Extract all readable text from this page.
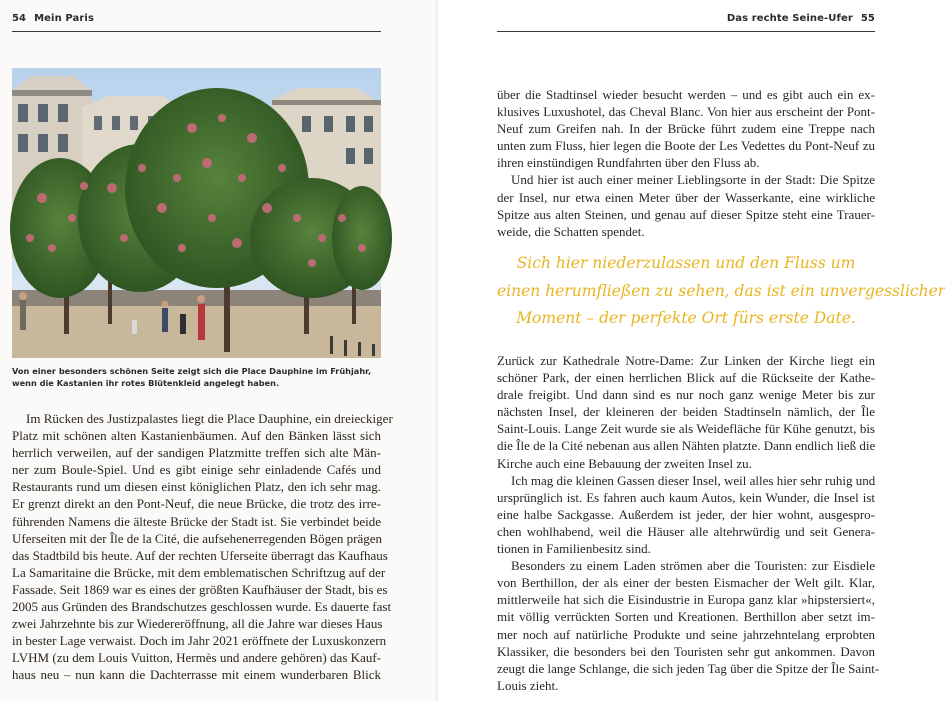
54 Mein Paris

Von einer besonders schönen Seite zeigt sich die Place Dauphine im Frühjahr,
wenn die Kastanien ihr rotes Blütenkleid angelegt haben.

Im Rücken des Justizpalastes liegt die Place Dauphine, ein dreieckiger
Platz mit schönen alten Kastanienbäumen. Auf den Bänken lässt sich
herrlich verweilen, auf der sandigen Platzmitte treffen sich alte Män-
ner zum Boule-Spiel. Und es gibt einige sehr einladende Cafés und
Restaurants rund um diesen einst königlichen Platz, den ich sehr mag.
Er grenzt direkt an den Pont-Neuf, die neue Brücke, die trotz des irre-
führenden Namens die älteste Brücke der Stadt ist. Sie verbindet beide
Uferseiten mit der Île de la Cité, die aufsehenerregenden Bögen prägen
das Stadtbild bis heute. Auf der rechten Uferseite überragt das Kaufhaus
La Samaritaine die Brücke, mit dem emblematischen Schriftzug auf der
Fassade. Seit 1869 war es eines der größten Kaufhäuser der Stadt, bis es
2005 aus Gründen des Brandschutzes geschlossen wurde. Es dauerte fast
zwei Jahrzehnte bis zur Wiedereröffnung, all die Jahre war dieses Haus
in bester Lage verwaist. Doch im Jahr 2021 eröffnete der Luxuskonzern
LVHM (zu dem Louis Vuitton, Hermès und andere gehören) das Kauf-
haus neu – nun kann die Dachterrasse mit einem wunderbaren Blick

Das rechte Seine-Ufer 55

über die Stadtinsel wieder besucht werden – und es gibt auch ein ex-
klusives Luxushotel, das Cheval Blanc. Von hier aus erscheint der Pont-
Neuf zum Greifen nah. In der Brücke führt zudem eine Treppe nach
unten zum Fluss, hier legen die Boote der Les Vedettes du Pont-Neuf zu
ihren einstündigen Rundfahrten über den Fluss ab.
Und hier ist auch einer meiner Lieblingsorte in der Stadt: Die Spitze
der Insel, nur etwa einen Meter über der Wasserkante, eine wirkliche
Spitze aus alten Steinen, und genau auf dieser Spitze steht eine Trauer-
weide, die Schatten spendet.

Sich hier niederzulassen und den Fluss um
einen herumfließen zu sehen, das ist ein unvergesslicher
Moment – der perfekte Ort fürs erste Date.

Zurück zur Kathedrale Notre-Dame: Zur Linken der Kirche liegt ein
schöner Park, der einen herrlichen Blick auf die Rückseite der Kathe-
drale freigibt. Und dann sind es nur noch ganz wenige Meter bis zur
nächsten Insel, der kleineren der beiden Stadtinseln nämlich, der Île
Saint-Louis. Lange Zeit wurde sie als Weidefläche für Kühe genutzt, bis
die Île de la Cité nebenan aus allen Nähten platzte. Dann endlich ließ die
Kirche auch eine Bebauung der zweiten Insel zu.
Ich mag die kleinen Gassen dieser Insel, weil alles hier sehr ruhig und
ursprünglich ist. Es fahren auch kaum Autos, kein Wunder, die Insel ist
eine halbe Sackgasse. Außerdem ist jeder, der hier wohnt, ausgespro-
chen wohlhabend, weil die Häuser alle altehrwürdig und seit Genera-
tionen in Familienbesitz sind.
Besonders zu einem Laden strömen aber die Touristen: zur Eisdiele
von Berthillon, der als einer der besten Eismacher der Welt gilt. Klar,
mittlerweile hat sich die Eisindustrie in Europa ganz klar »hipstersiert«,
mit völlig verrückten Sorten und Kreationen. Berthillon aber setzt im-
mer noch auf natürliche Produkte und seine jahrzehntelang erprobten
Klassiker, die besonders bei den Touristen sehr gut ankommen. Davon
zeugt die lange Schlange, die sich jeden Tag über die Spitze der Île Saint-
Louis zieht.
